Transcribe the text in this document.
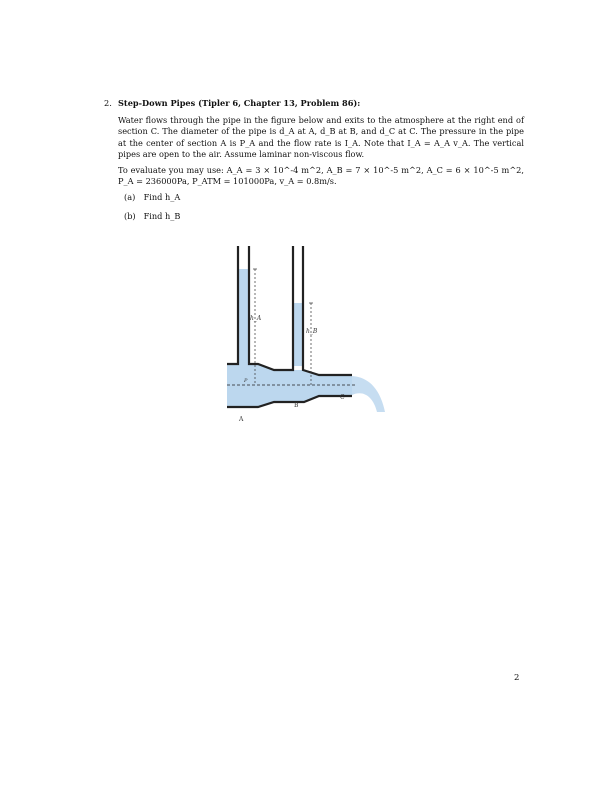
2. Step-Down Pipes (Tipler 6, Chapter 13, Problem 86):
Water flows through the pipe in the figure below and exits to the atmosphere at the right end of section C. The diameter of the pipe is d_A at A, d_B at B, and d_C at C. The pressure in the pipe at the center of section A is P_A and the flow rate is I_A. Note that I_A = A_A v_A. The vertical pipes are open to the air. Assume laminar non-viscous flow.
To evaluate you may use: A_A = 3 × 10^-4 m^2, A_B = 7 × 10^-5 m^2, A_C = 6 × 10^-5 m^2, P_A = 236000Pa, P_ATM = 101000Pa, v_A = 0.8m/s.
(a) Find h_A
(b) Find h_B
h_A
h_B
P
A
B
C
2
